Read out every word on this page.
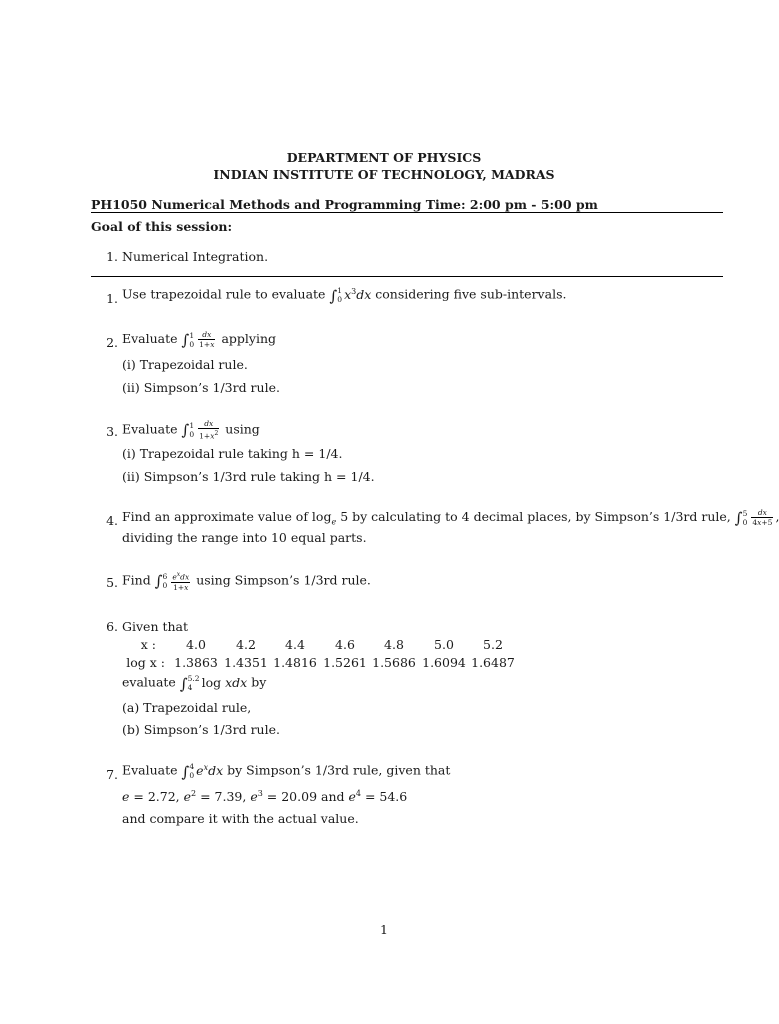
DEPARTMENT OF PHYSICS
INDIAN INSTITUTE OF TECHNOLOGY, MADRAS
PH1050 Numerical Methods and Programming Time: 2:00 pm - 5:00 pm
Goal of this session:
1. Numerical Integration.
1. Use trapezoidal rule to evaluate ∫1
0 $x^3dx$ considering five sub-intervals.
2. Evaluate ∫1
$0 \frac{dx}{1+x}$ applying
(i) Trapezoidal rule.
(ii) Simpson’s 1/3rd rule.
3. Evaluate ∫1
$0 \frac{dx}{1+x^2}$ using
(i) Trapezoidal rule taking h = 1/4.
(ii) Simpson’s 1/3rd rule taking h = 1/4.
4. Find an approximate value of $\log_e 5$ by calculating to 4 decimal places, by Simpson’s 1/3rd rule, ∫5
$0 \frac{dx}{4x+5}$
dividing the range into 10 equal parts.
5. Find ∫6
$0 \frac{e^xdx}{1+x}$ using Simpson’s 1/3rd rule.
6. Given that
x :	4.0	4.2	4.4	4.6	4.8	5.0	5.2
log x : 1.3863 1.4351 1.4816 1.5261 1.5686 1.6094 1.6487
evaluate ∫5.2
4 log xdx by
(a) Trapezoidal rule,
(b) Simpson’s 1/3rd rule.
7. Evaluate ∫4
0 $e^xdx$ by Simpson’s 1/3rd rule, given that
e = 2.72, $e^2 = 7.39$, $e^3 = 20.09$ and $e^4 = 54.6$
and compare it with the actual value.
1
